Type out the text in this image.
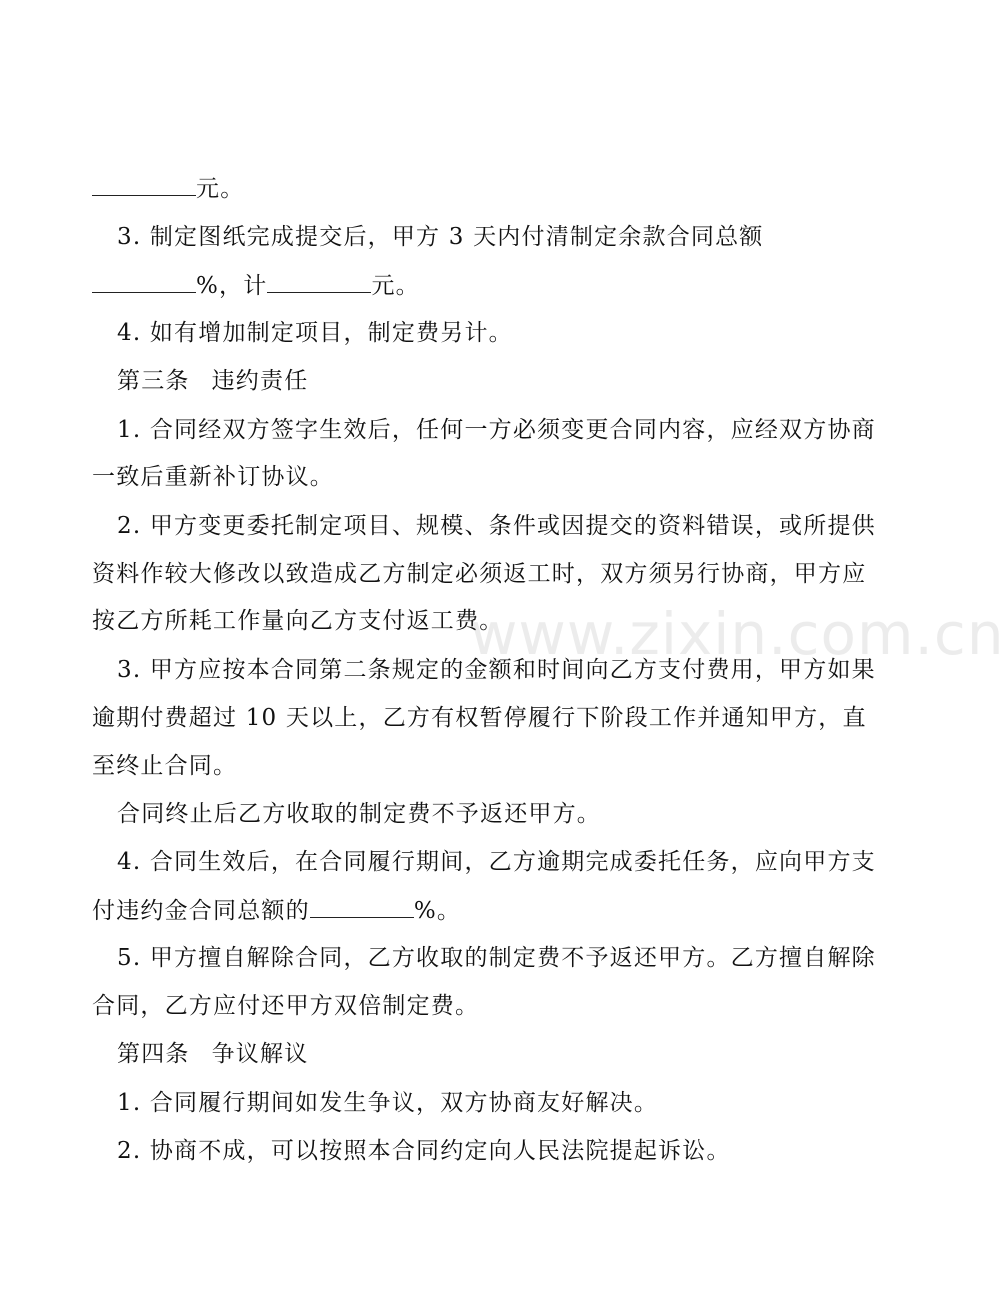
元。
3. 制定图纸完成提交后，甲方 3 天内付清制定余款合同总额
%，计	元。
4. 如有增加制定项目，制定费另计。
第三条 违约责任
1. 合同经双方签字生效后，任何一方必须变更合同内容，应经双方协商
一致后重新补订协议。
2. 甲方变更委托制定项目、规模、条件或因提交的资料错误，或所提供
资料作较大修改以致造成乙方制定必须返工时，双方须另行协商，甲方应
按乙方所耗工作量向乙方支付返工费。
3. 甲方应按本合同第二条规定的金额和时间向乙方支付费用，甲方如果
逾期付费超过 10 天以上，乙方有权暂停履行下阶段工作并通知甲方，直
至终止合同。
合同终止后乙方收取的制定费不予返还甲方。
4. 合同生效后，在合同履行期间，乙方逾期完成委托任务，应向甲方支
付违约金合同总额的	%。
5. 甲方擅自解除合同，乙方收取的制定费不予返还甲方。乙方擅自解除
合同，乙方应付还甲方双倍制定费。
第四条 争议解议
1. 合同履行期间如发生争议，双方协商友好解决。
2. 协商不成，可以按照本合同约定向人民法院提起诉讼。
www.zixin.com.cn
